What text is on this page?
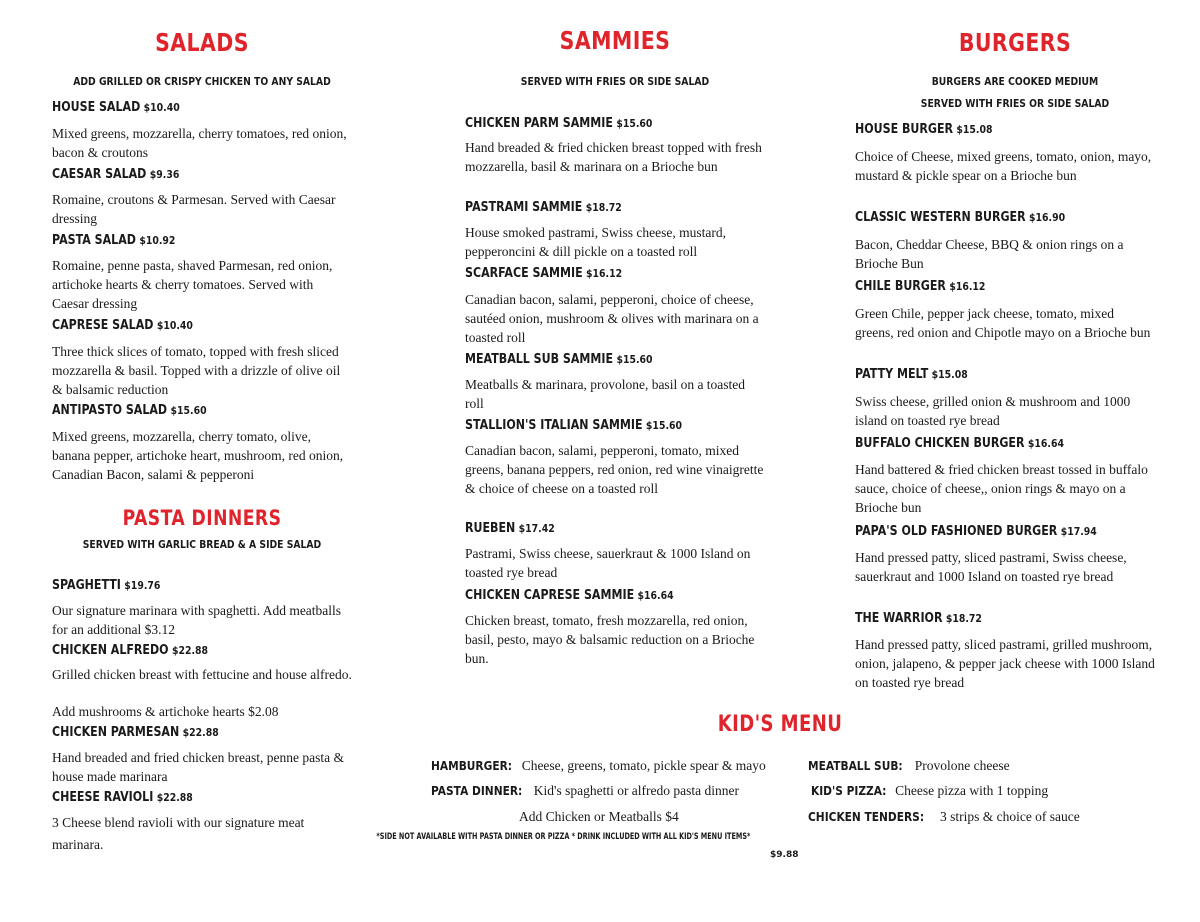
SALADS
ADD GRILLED OR CRISPY CHICKEN TO ANY SALAD
HOUSE SALAD $10.40
Mixed greens, mozzarella, cherry tomatoes, red onion, bacon & croutons
CAESAR SALAD $9.36
Romaine, croutons & Parmesan. Served with Caesar dressing
PASTA SALAD $10.92
Romaine, penne pasta, shaved Parmesan, red onion, artichoke hearts & cherry tomatoes. Served with Caesar dressing
CAPRESE SALAD $10.40
Three thick slices of tomato, topped with fresh sliced mozzarella & basil. Topped with a drizzle of olive oil & balsamic reduction
ANTIPASTO SALAD $15.60
Mixed greens, mozzarella, cherry tomato, olive, banana pepper, artichoke heart, mushroom, red onion, Canadian Bacon, salami & pepperoni
PASTA DINNERS
SERVED WITH GARLIC BREAD & A SIDE SALAD
SPAGHETTI $19.76
Our signature marinara with spaghetti. Add meatballs for an additional $3.12
CHICKEN ALFREDO $22.88
Grilled chicken breast with fettucine and house alfredo.
Add mushrooms & artichoke hearts $2.08
CHICKEN PARMESAN $22.88
Hand breaded and fried chicken breast, penne pasta & house made marinara
CHEESE RAVIOLI $22.88
3 Cheese blend ravioli with our signature meat marinara.
SAMMIES
SERVED WITH FRIES OR SIDE SALAD
CHICKEN PARM SAMMIE $15.60
Hand breaded & fried chicken breast topped with fresh mozzarella, basil & marinara on a Brioche bun
PASTRAMI SAMMIE $18.72
House smoked pastrami, Swiss cheese, mustard, pepperoncini & dill pickle on a toasted roll
SCARFACE SAMMIE $16.12
Canadian bacon, salami, pepperoni, choice of cheese, sautéed onion, mushroom & olives with marinara on a toasted roll
MEATBALL SUB SAMMIE $15.60
Meatballs & marinara, provolone, basil on a toasted roll
STALLION'S ITALIAN SAMMIE $15.60
Canadian bacon, salami, pepperoni, tomato, mixed greens, banana peppers, red onion, red wine vinaigrette & choice of cheese on a toasted roll
RUEBEN $17.42
Pastrami, Swiss cheese, sauerkraut & 1000 Island on toasted rye bread
CHICKEN CAPRESE SAMMIE $16.64
Chicken breast, tomato, fresh mozzarella, red onion, basil, pesto, mayo & balsamic reduction on a Brioche bun.
BURGERS
BURGERS ARE COOKED MEDIUM
SERVED WITH FRIES OR SIDE SALAD
HOUSE BURGER $15.08
Choice of Cheese, mixed greens, tomato, onion, mayo, mustard & pickle spear on a Brioche bun
CLASSIC WESTERN BURGER $16.90
Bacon, Cheddar Cheese, BBQ & onion rings on a Brioche Bun
CHILE BURGER $16.12
Green Chile, pepper jack cheese, tomato, mixed greens, red onion and Chipotle mayo on a Brioche bun
PATTY MELT $15.08
Swiss cheese, grilled onion & mushroom and 1000 island on toasted rye bread
BUFFALO CHICKEN BURGER $16.64
Hand battered & fried chicken breast tossed in buffalo sauce, choice of cheese,, onion rings & mayo on a Brioche bun
PAPA'S OLD FASHIONED BURGER $17.94
Hand pressed patty, sliced pastrami, Swiss cheese, sauerkraut and 1000 Island on toasted rye bread
THE WARRIOR $18.72
Hand pressed patty, sliced pastrami, grilled mushroom, onion, jalapeno, & pepper jack cheese with 1000 Island on toasted rye bread
KID'S MENU
HAMBURGER: Cheese, greens, tomato, pickle spear & mayo
PASTA DINNER: Kid's spaghetti or alfredo pasta dinner
Add Chicken or Meatballs $4
MEATBALL SUB: Provolone cheese
KID'S PIZZA: Cheese pizza with 1 topping
CHICKEN TENDERS: 3 strips & choice of sauce
*SIDE NOT AVAILABLE WITH PASTA DINNER OR PIZZA * DRINK INCLUDED WITH ALL KID'S MENU ITEMS*
$9.88
